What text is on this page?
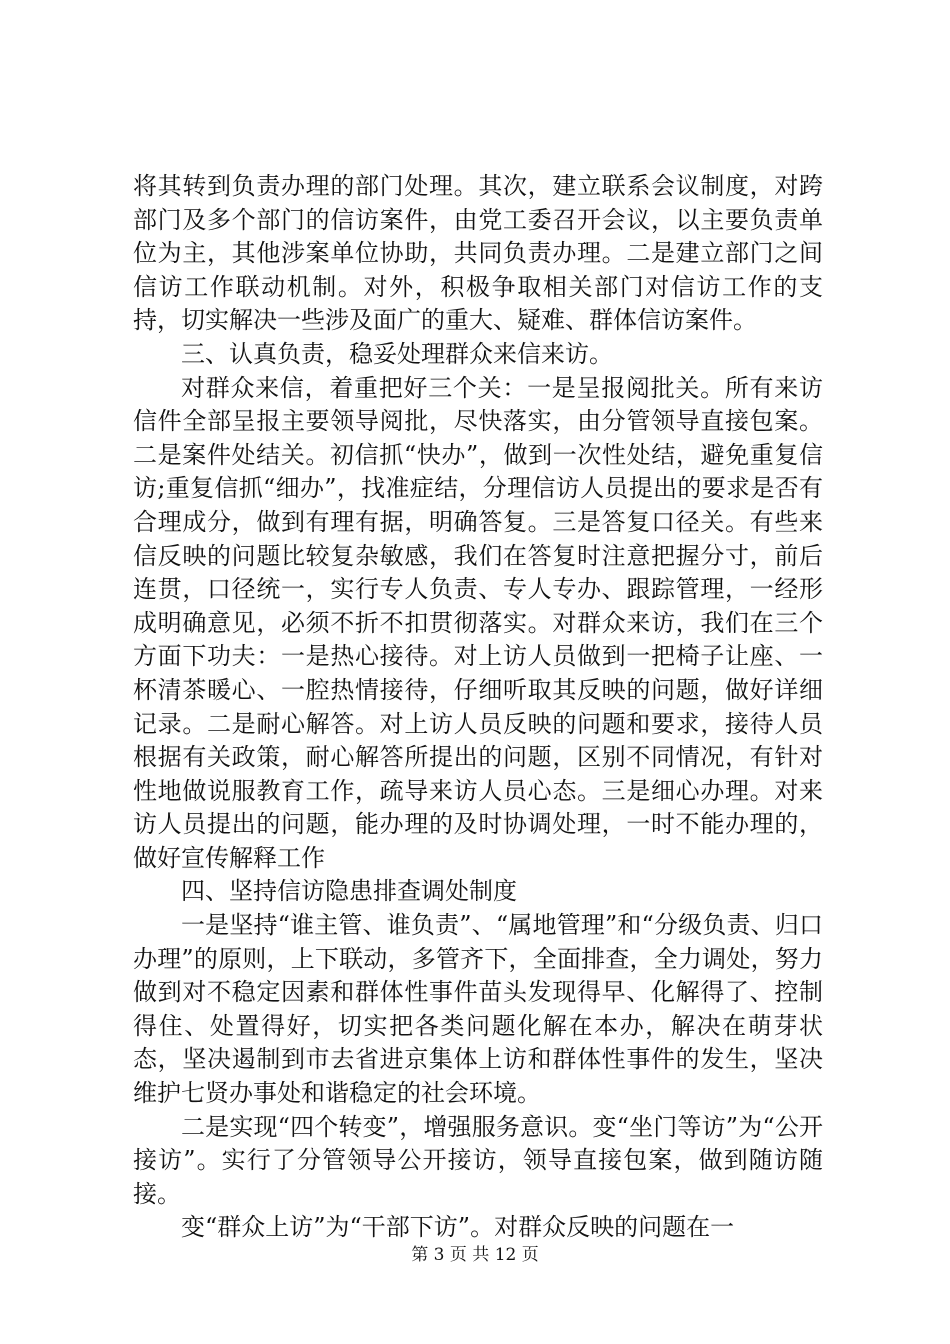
将其转到负责办理的部门处理。其次，建立联系会议制度，对跨部门及多个部门的信访案件，由党工委召开会议，以主要负责单位为主，其他涉案单位协助，共同负责办理。二是建立部门之间信访工作联动机制。对外，积极争取相关部门对信访工作的支持，切实解决一些涉及面广的重大、疑难、群体信访案件。

三、认真负责，稳妥处理群众来信来访。

对群众来信，着重把好三个关：一是呈报阅批关。所有来访信件全部呈报主要领导阅批，尽快落实，由分管领导直接包案。二是案件处结关。初信抓“快办”，做到一次性处结，避免重复信访;重复信抓“细办”，找准症结，分理信访人员提出的要求是否有合理成分，做到有理有据，明确答复。三是答复口径关。有些来信反映的问题比较复杂敏感，我们在答复时注意把握分寸，前后连贯，口径统一，实行专人负责、专人专办、跟踪管理，一经形成明确意见，必须不折不扣贯彻落实。对群众来访，我们在三个方面下功夫：一是热心接待。对上访人员做到一把椅子让座、一杯清茶暖心、一腔热情接待，仔细听取其反映的问题，做好详细记录。二是耐心解答。对上访人员反映的问题和要求，接待人员根据有关政策，耐心解答所提出的问题，区别不同情况，有针对性地做说服教育工作，疏导来访人员心态。三是细心办理。对来访人员提出的问题，能办理的及时协调处理，一时不能办理的，做好宣传解释工作

四、坚持信访隐患排查调处制度

一是坚持“谁主管、谁负责”、“属地管理”和“分级负责、归口办理”的原则，上下联动，多管齐下，全面排查，全力调处，努力做到对不稳定因素和群体性事件苗头发现得早、化解得了、控制得住、处置得好，切实把各类问题化解在本办，解决在萌芽状态，坚决遏制到市去省进京集体上访和群体性事件的发生，坚决维护七贤办事处和谐稳定的社会环境。

二是实现“四个转变”，增强服务意识。变“坐门等访”为“公开接访”。实行了分管领导公开接访，领导直接包案，做到随访随接。

变“群众上访”为“干部下访”。对群众反映的问题在一

第 3 页 共 12 页
